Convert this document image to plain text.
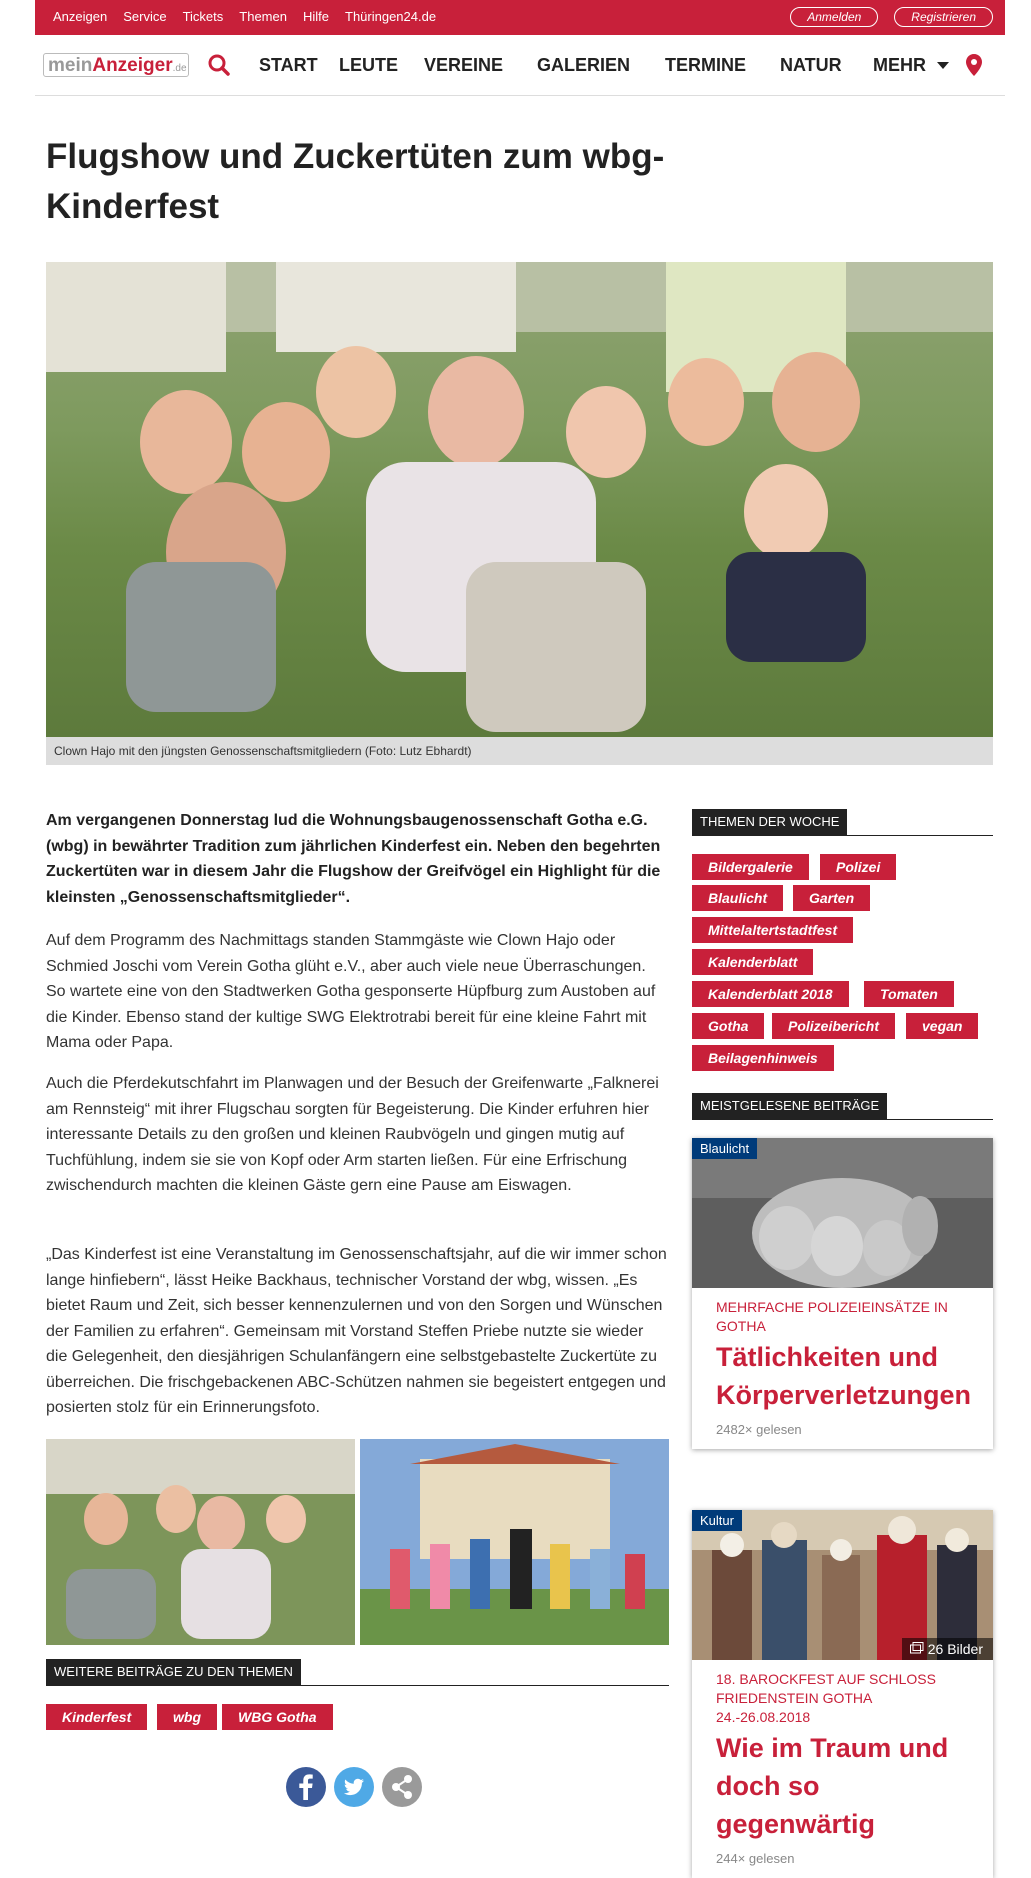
Anzeigen Service Tickets Themen Hilfe Thüringen24.de	Anmelden	Registrieren
meinAnzeiger.de	START LEUTE VEREINE GALERIEN TERMINE NATUR MEHR
Flugshow und Zuckertüten zum wbg-Kinderfest
Clown Hajo mit den jüngsten Genossenschaftsmitgliedern (Foto: Lutz Ebhardt)

Am vergangenen Donnerstag lud die Wohnungsbaugenossenschaft Gotha e.G. (wbg) in bewährter Tradition zum jährlichen Kinderfest ein. Neben den begehrten Zuckertüten war in diesem Jahr die Flugshow der Greifvögel ein Highlight für die kleinsten „Genossenschaftsmitglieder“.

Auf dem Programm des Nachmittags standen Stammgäste wie Clown Hajo oder Schmied Joschi vom Verein Gotha glüht e.V., aber auch viele neue Überraschungen. So wartete eine von den Stadtwerken Gotha gesponserte Hüpfburg zum Austoben auf die Kinder. Ebenso stand der kultige SWG Elektrotrabi bereit für eine kleine Fahrt mit Mama oder Papa.

Auch die Pferdekutschfahrt im Planwagen und der Besuch der Greifenwarte „Falknerei am Rennsteig“ mit ihrer Flugschau sorgten für Begeisterung. Die Kinder erfuhren hier interessante Details zu den großen und kleinen Raubvögeln und gingen mutig auf Tuchfühlung, indem sie sie von Kopf oder Arm starten ließen. Für eine Erfrischung zwischendurch machten die kleinen Gäste gern eine Pause am Eiswagen.

„Das Kinderfest ist eine Veranstaltung im Genossenschaftsjahr, auf die wir immer schon lange hinfiebern“, lässt Heike Backhaus, technischer Vorstand der wbg, wissen. „Es bietet Raum und Zeit, sich besser kennenzulernen und von den Sorgen und Wünschen der Familien zu erfahren“. Gemeinsam mit Vorstand Steffen Priebe nutzte sie wieder die Gelegenheit, den diesjährigen Schulanfängern eine selbstgebastelte Zuckertüte zu überreichen. Die frischgebackenen ABC-Schützen nahmen sie begeistert entgegen und posierten stolz für ein Erinnerungsfoto.

WEITERE BEITRÄGE ZU DEN THEMEN
Kinderfest	wbg	WBG Gotha
THEMEN DER WOCHE
Bildergalerie	Polizei
Blaulicht	Garten
Mittelaltertstadtfest
Kalenderblatt
Kalenderblatt 2018	Tomaten
Gotha	Polizeibericht	vegan
Beilagenhinweis
MEISTGELESENE BEITRÄGE
Blaulicht
MEHRFACHE POLIZEIEINSÄTZE IN GOTHA
Tätlichkeiten und Körperverletzungen
2482× gelesen
Kultur
26 Bilder
18. BAROCKFEST AUF SCHLOSS FRIEDENSTEIN GOTHA 24.-26.08.2018
Wie im Traum und doch so gegenwärtig
244× gelesen
